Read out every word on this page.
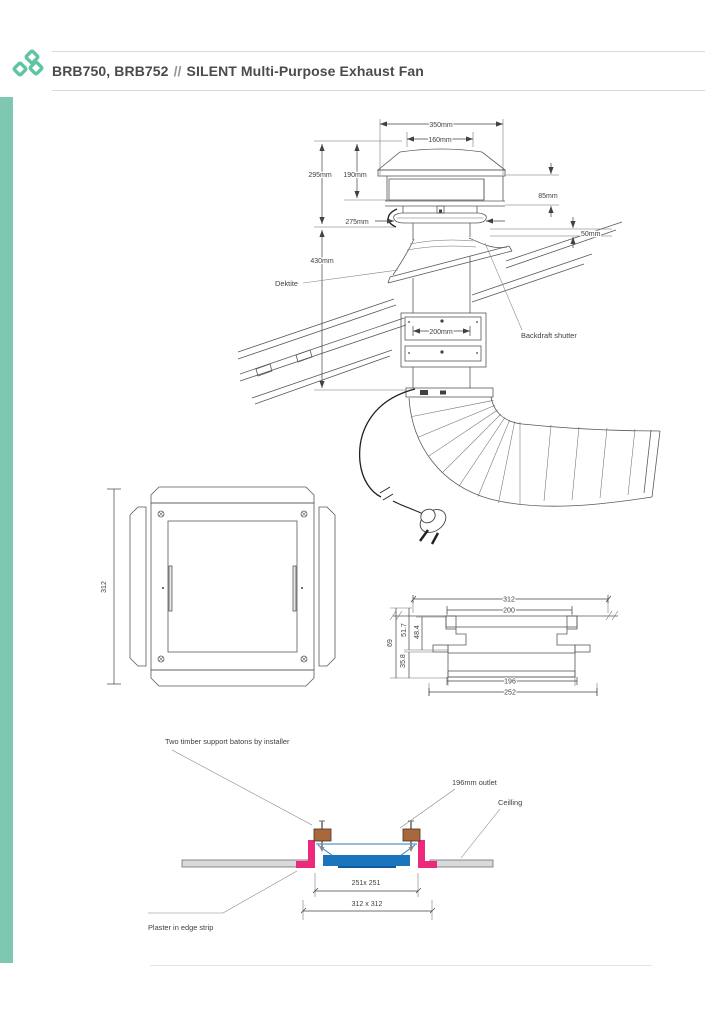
BRB750, BRB752 // SILENT Multi-Purpose Exhaust Fan
350mm
160mm
295mm 190mm
430mm
85mm
275mm
50mm
200mm
Dektite
Backdraft shutter
312
312
200
196
252
69
51.7 48.4
35.8
251x 251
312 x 312
Two timber support batons by installer
196mm outlet
Ceilling
Plaster in edge strip
